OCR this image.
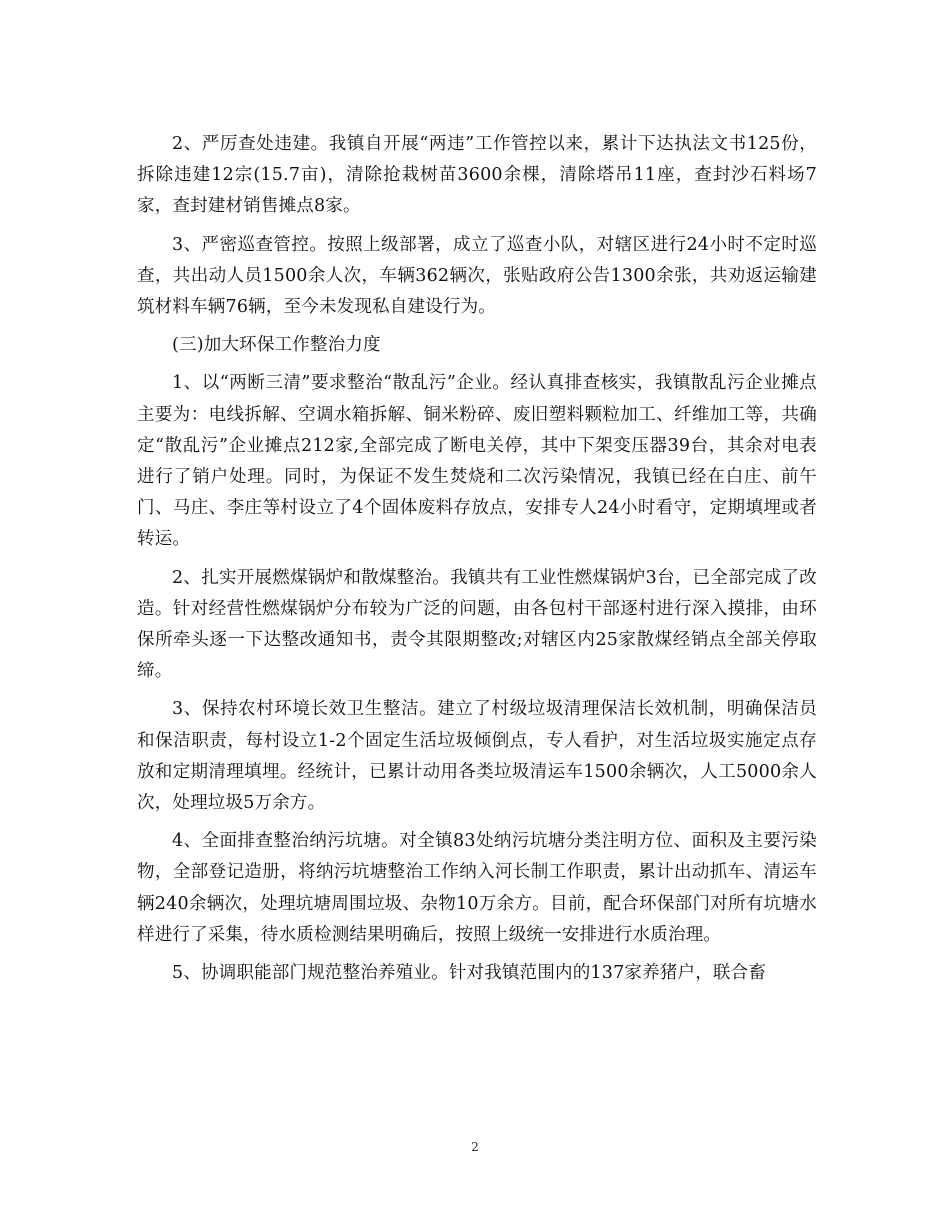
2、严厉查处违建。我镇自开展“两违”工作管控以来，累计下达执法文书125份，拆除违建12宗(15.7亩)，清除抢栽树苗3600余棵，清除塔吊11座，查封沙石料场7家，查封建材销售摊点8家。

3、严密巡查管控。按照上级部署，成立了巡查小队，对辖区进行24小时不定时巡查，共出动人员1500余人次，车辆362辆次，张贴政府公告1300余张，共劝返运输建筑材料车辆76辆，至今未发现私自建设行为。

(三)加大环保工作整治力度

1、以“两断三清”要求整治“散乱污”企业。经认真排查核实，我镇散乱污企业摊点主要为：电线拆解、空调水箱拆解、铜米粉碎、废旧塑料颗粒加工、纤维加工等，共确定“散乱污”企业摊点212家,全部完成了断电关停，其中下架变压器39台，其余对电表进行了销户处理。同时，为保证不发生焚烧和二次污染情况，我镇已经在白庄、前午门、马庄、李庄等村设立了4个固体废料存放点，安排专人24小时看守，定期填埋或者转运。

2、扎实开展燃煤锅炉和散煤整治。我镇共有工业性燃煤锅炉3台，已全部完成了改造。针对经营性燃煤锅炉分布较为广泛的问题，由各包村干部逐村进行深入摸排，由环保所牵头逐一下达整改通知书，责令其限期整改;对辖区内25家散煤经销点全部关停取缔。

3、保持农村环境长效卫生整洁。建立了村级垃圾清理保洁长效机制，明确保洁员和保洁职责，每村设立1-2个固定生活垃圾倾倒点，专人看护，对生活垃圾实施定点存放和定期清理填埋。经统计，已累计动用各类垃圾清运车1500余辆次，人工5000余人次，处理垃圾5万余方。

4、全面排查整治纳污坑塘。对全镇83处纳污坑塘分类注明方位、面积及主要污染物，全部登记造册，将纳污坑塘整治工作纳入河长制工作职责，累计出动抓车、清运车辆240余辆次，处理坑塘周围垃圾、杂物10万余方。目前，配合环保部门对所有坑塘水样进行了采集，待水质检测结果明确后，按照上级统一安排进行水质治理。

5、协调职能部门规范整治养殖业。针对我镇范围内的137家养猪户，联合畜

2
